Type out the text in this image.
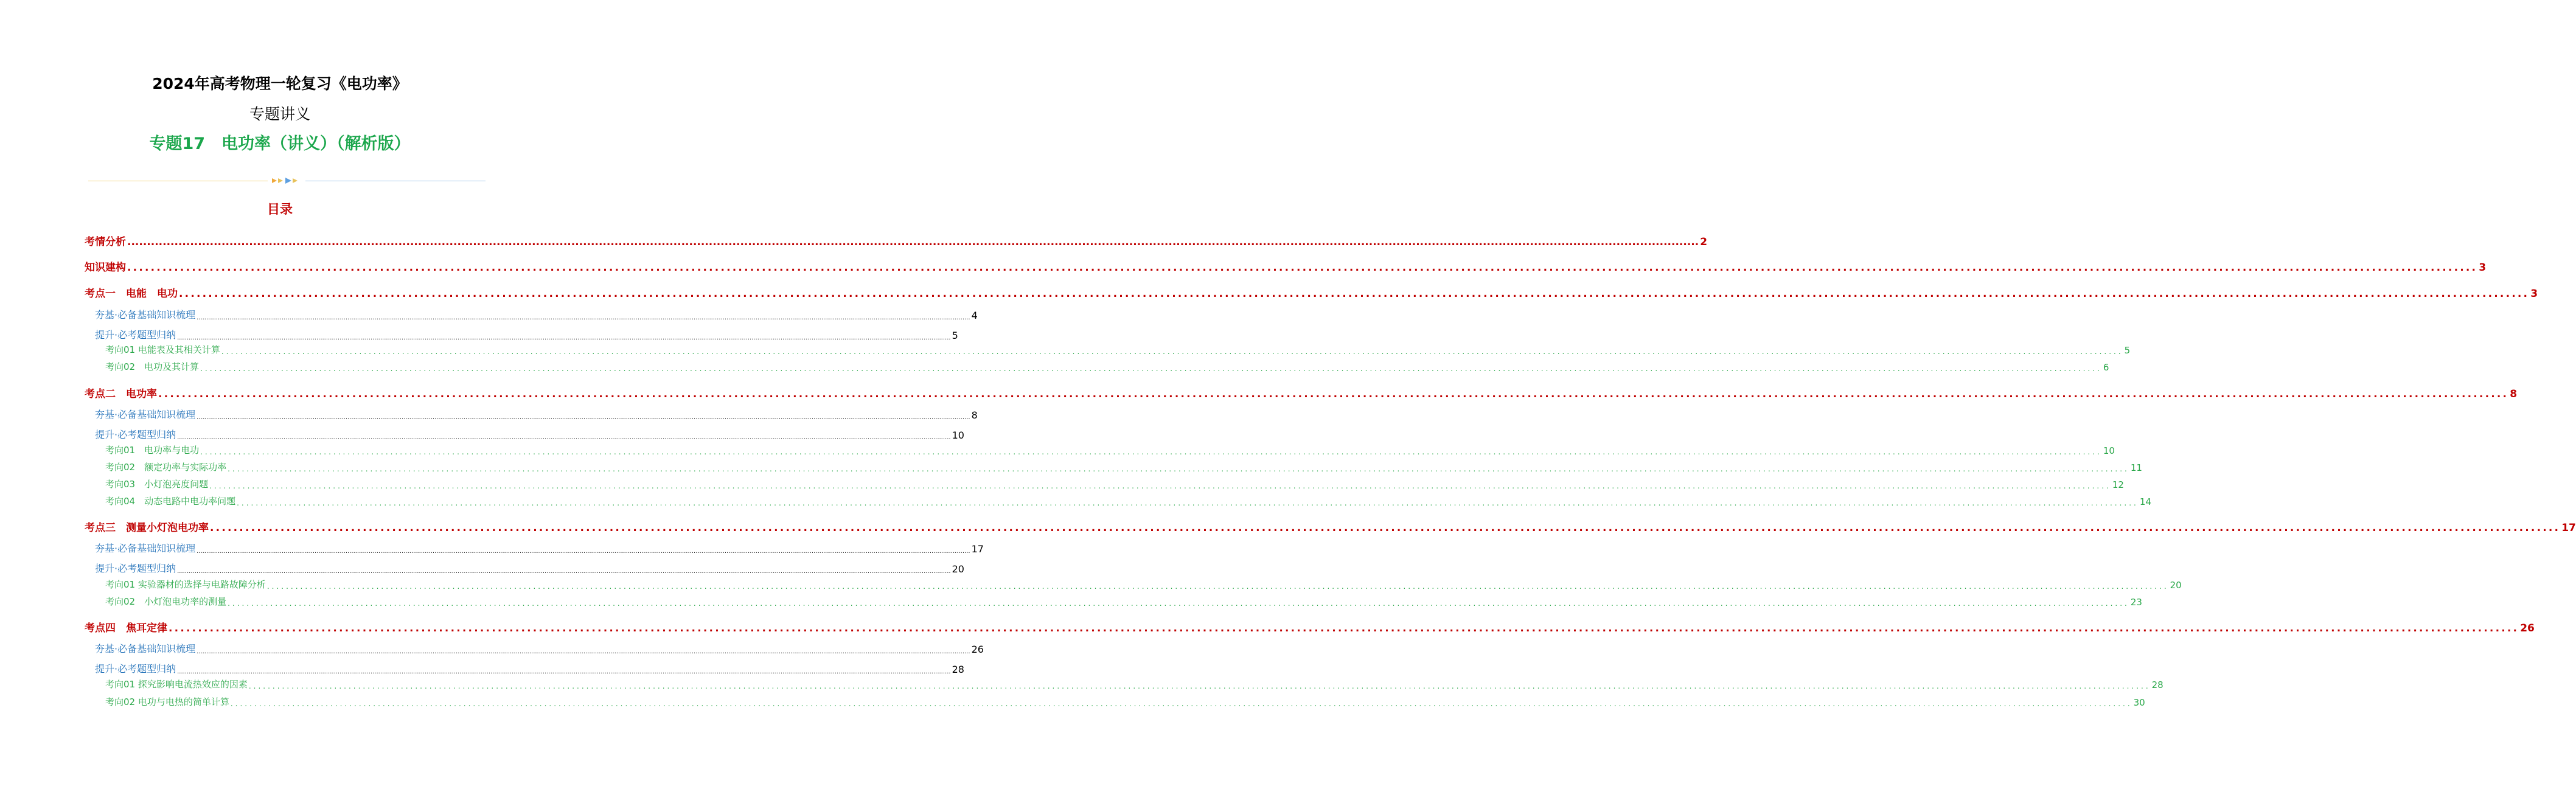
2024年高考物理一轮复习《电功率》
专题讲义
专题17　电功率（讲义）（解析版）
目录
考情分析 ................................................................................................................................................................................................................................................................................................................................................................................................................ 2
知识建构 ................................................................................................................................................................................................................................................................................................................................................................................................................ 3
考点一　电能　电功 ................................................................................................................................................................................................................................................................................................................................................................................................................ 3
夯基·必备基础知识梳理 ................................................................................................................................................................................................................................................................................................................................................................................................................ 4
提升·必考题型归纳 ................................................................................................................................................................................................................................................................................................................................................................................................................ 5
考向01 电能表及其相关计算 ................................................................................................................................................................................................................................................................................................................................................................................................................ 5
考向02　电功及其计算 ................................................................................................................................................................................................................................................................................................................................................................................................................ 6
考点二　电功率 ................................................................................................................................................................................................................................................................................................................................................................................................................ 8
夯基·必备基础知识梳理 ................................................................................................................................................................................................................................................................................................................................................................................................................ 8
提升·必考题型归纳 ................................................................................................................................................................................................................................................................................................................................................................................................................ 10
考向01　电功率与电功 ................................................................................................................................................................................................................................................................................................................................................................................................................ 10
考向02　额定功率与实际功率 ................................................................................................................................................................................................................................................................................................................................................................................................................ 11
考向03　小灯泡亮度问题 ................................................................................................................................................................................................................................................................................................................................................................................................................ 12
考向04　动态电路中电功率问题 ................................................................................................................................................................................................................................................................................................................................................................................................................ 14
考点三　测量小灯泡电功率 ................................................................................................................................................................................................................................................................................................................................................................................................................ 17
夯基·必备基础知识梳理 ................................................................................................................................................................................................................................................................................................................................................................................................................ 17
提升·必考题型归纳 ................................................................................................................................................................................................................................................................................................................................................................................................................ 20
考向01 实验器材的选择与电路故障分析 ................................................................................................................................................................................................................................................................................................................................................................................................................ 20
考向02　小灯泡电功率的测量 ................................................................................................................................................................................................................................................................................................................................................................................................................ 23
考点四　焦耳定律 ................................................................................................................................................................................................................................................................................................................................................................................................................ 26
夯基·必备基础知识梳理 ................................................................................................................................................................................................................................................................................................................................................................................................................ 26
提升·必考题型归纳 ................................................................................................................................................................................................................................................................................................................................................................................................................ 28
考向01 探究影响电流热效应的因素 ................................................................................................................................................................................................................................................................................................................................................................................................................ 28
考向02 电功与电热的简单计算 ................................................................................................................................................................................................................................................................................................................................................................................................................ 30
